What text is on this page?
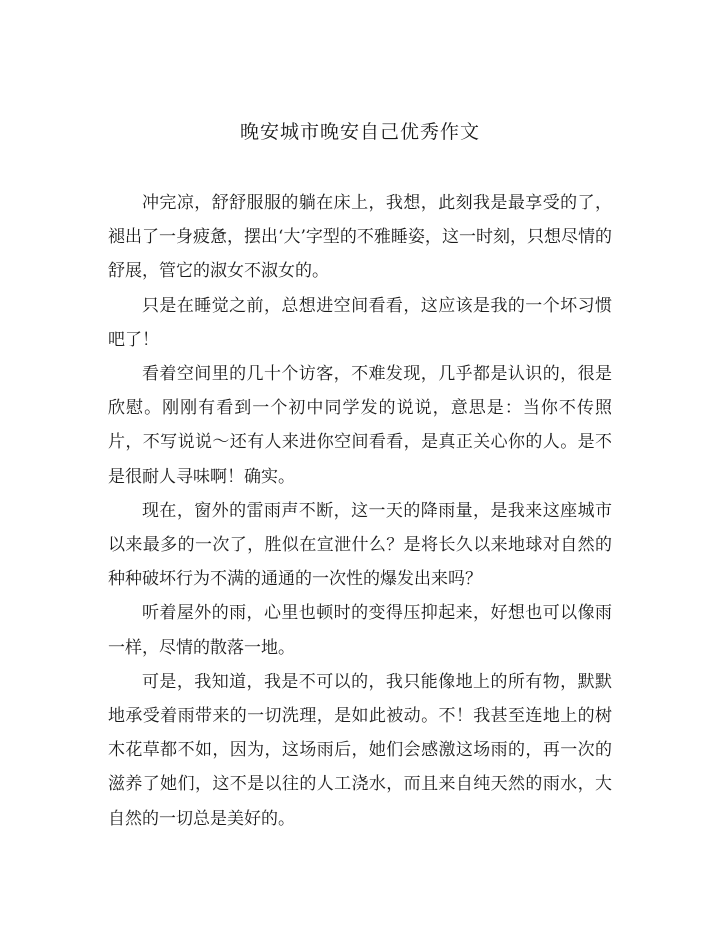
晚安城市晚安自己优秀作文

冲完凉，舒舒服服的躺在床上，我想，此刻我是最享受的了，褪出了一身疲惫，摆出‘大’字型的不雅睡姿，这一时刻，只想尽情的舒展，管它的淑女不淑女的。

只是在睡觉之前，总想进空间看看，这应该是我的一个坏习惯吧了！

看着空间里的几十个访客，不难发现，几乎都是认识的，很是欣慰。刚刚有看到一个初中同学发的说说，意思是：当你不传照片，不写说说～还有人来进你空间看看，是真正关心你的人。是不是很耐人寻味啊！确实。

现在，窗外的雷雨声不断，这一天的降雨量，是我来这座城市以来最多的一次了，胜似在宣泄什么？是将长久以来地球对自然的种种破坏行为不满的通通的一次性的爆发出来吗？

听着屋外的雨，心里也顿时的变得压抑起来，好想也可以像雨一样，尽情的散落一地。

可是，我知道，我是不可以的，我只能像地上的所有物，默默地承受着雨带来的一切洗理，是如此被动。不！我甚至连地上的树木花草都不如，因为，这场雨后，她们会感激这场雨的，再一次的滋养了她们，这不是以往的人工浇水，而且来自纯天然的雨水，大自然的一切总是美好的。
